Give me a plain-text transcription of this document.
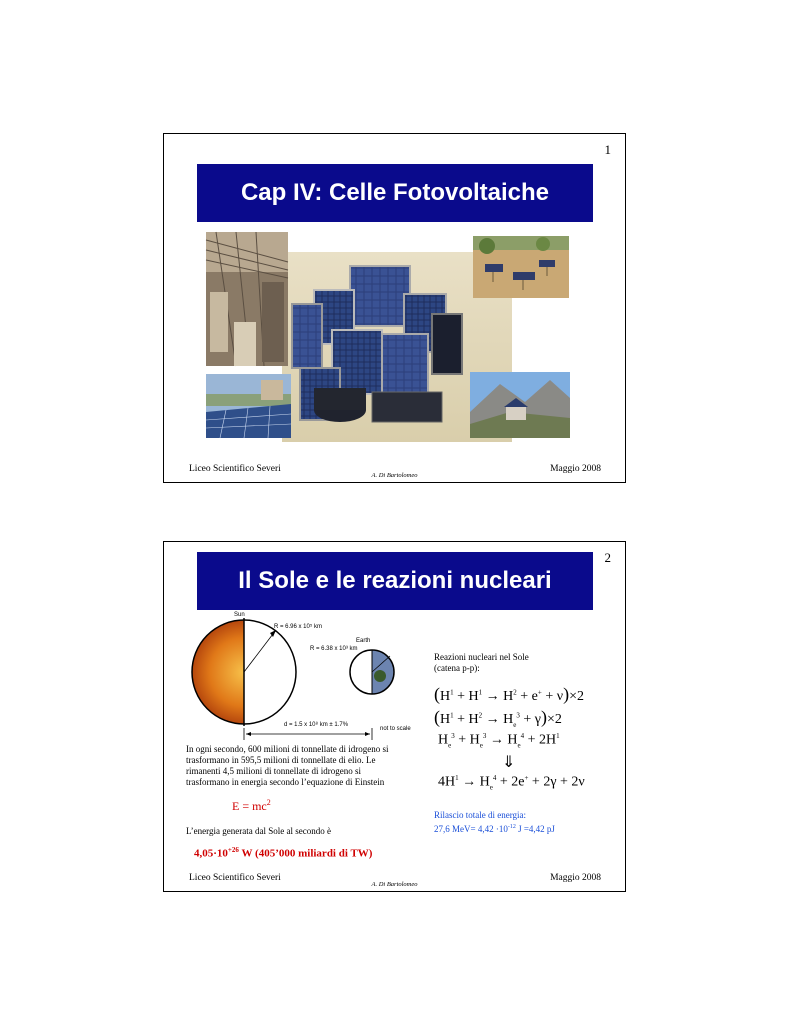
1
Cap IV: Celle Fotovoltaiche
Liceo Scientifico Severi
A. Di Bartolomeo
Maggio 2008
2
Il Sole e le reazioni nucleari
Sun
R = 6.96 x 10⁵ km
Earth
R = 6.38 x 10³ km
d = 1.5 x 10⁸ km ± 1.7%
not to scale
In ogni secondo, 600 milioni di tonnellate di idrogeno si trasformano in 595,5 milioni di tonnellate di elio. Le rimanenti 4,5 milioni di tonnellate di idrogeno si trasformano in energia secondo l’equazione di Einstein
$E = mc^2$
L’energia generata dal Sole al secondo è
$4,05\cdot 10^{+26}$ W (405’000 miliardi di TW)
Reazioni nucleari nel Sole (catena p-p):
$(H^1 + H^1 \to H^2 + e^+ + \nu)\times 2$
$(H^1 + H^2 \to H_e^3 + \gamma)\times 2$
$H_e^3 + H_e^3 \to H_e^4 + 2H^1$
⇓
$4H^1 \to H_e^4 + 2e^+ + 2\gamma + 2\nu$
Rilascio totale di energia:
27,6 $MeV= 4,42 \cdot 10^{-12}$ J =4,42 pJ
Liceo Scientifico Severi
A. Di Bartolomeo
Maggio 2008
